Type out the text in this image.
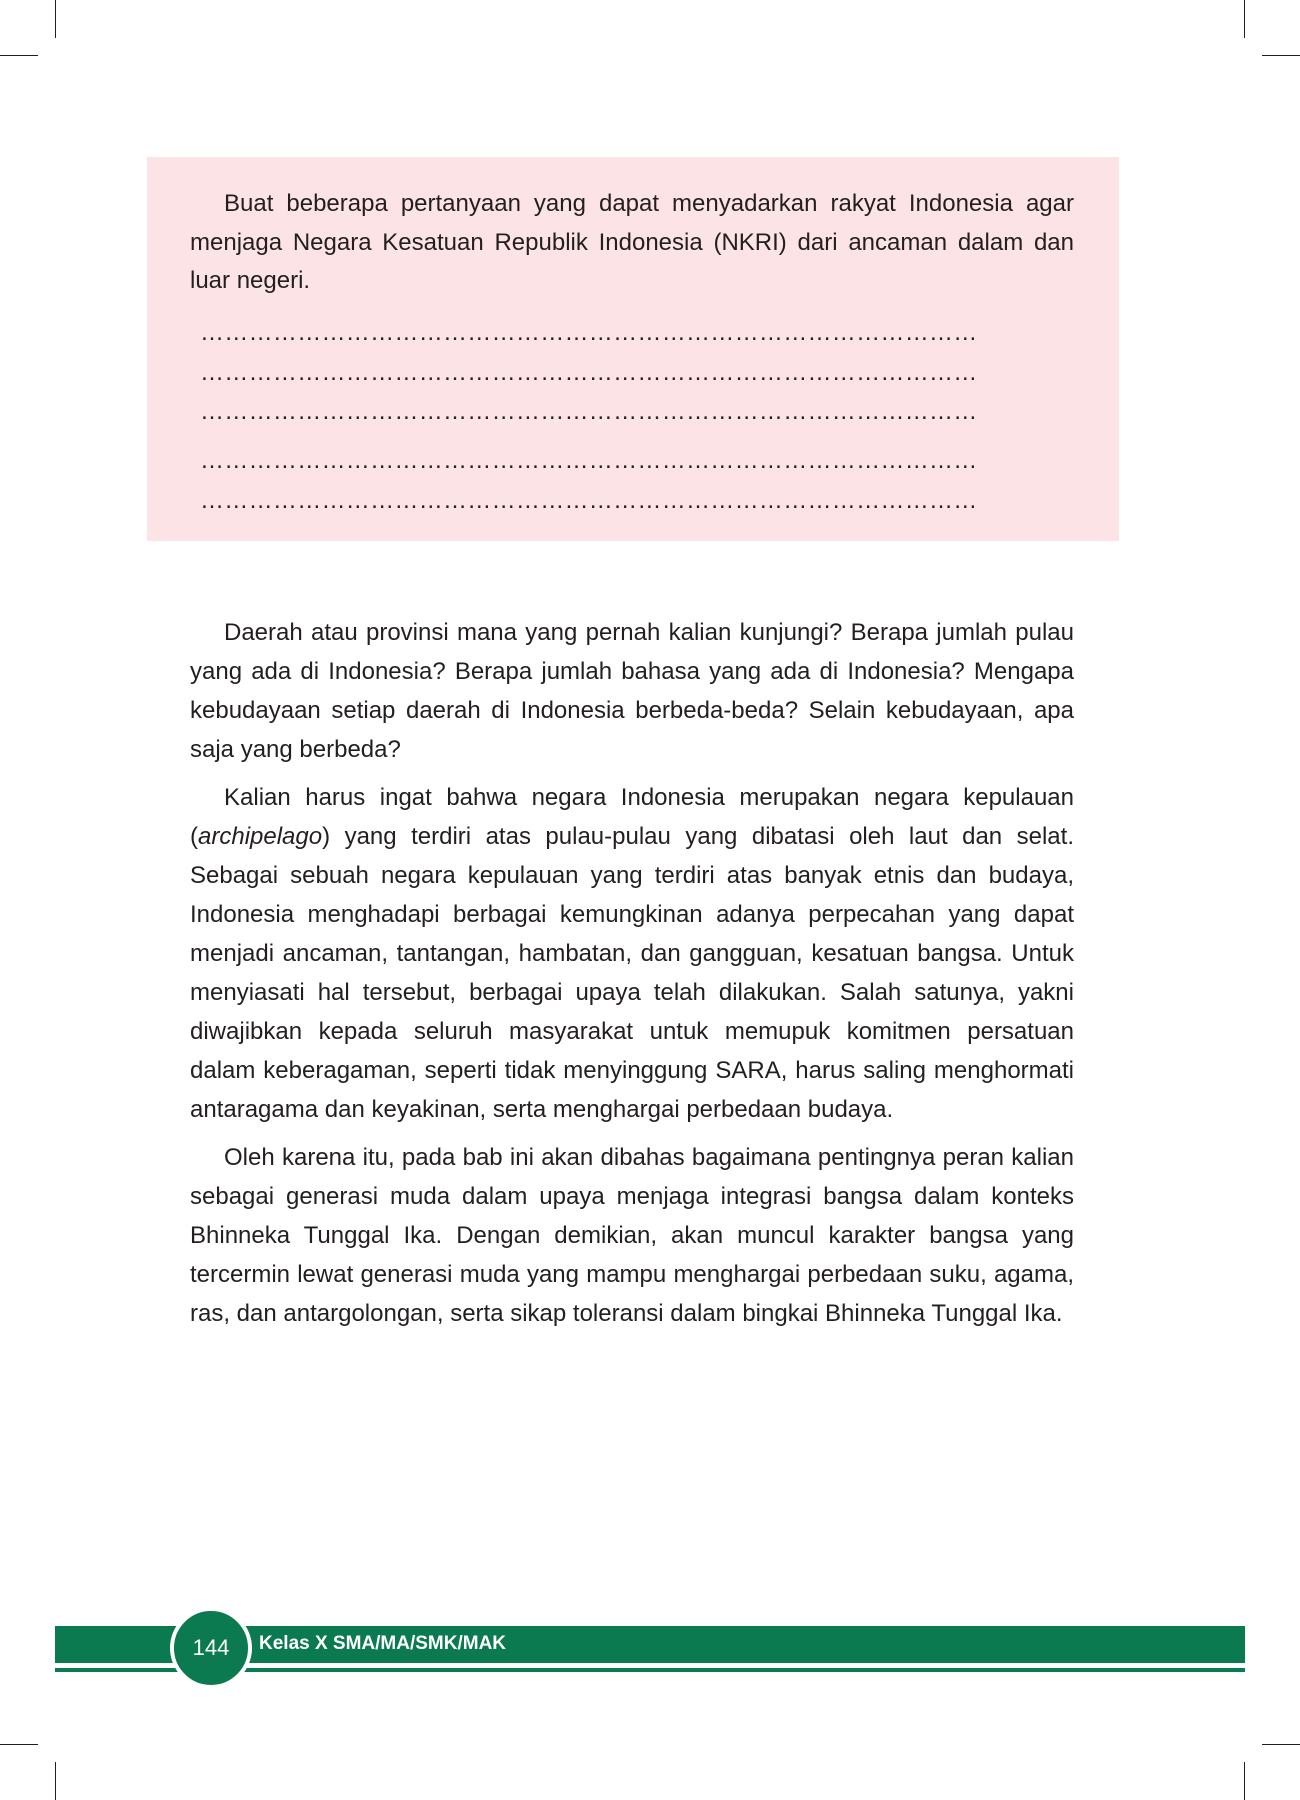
Buat beberapa pertanyaan yang dapat menyadarkan rakyat Indonesia agar menjaga Negara Kesatuan Republik Indonesia (NKRI) dari ancaman dalam dan luar negeri.

……………………………………………………………………………………
……………………………………………………………………………………
……………………………………………………………………………………
……………………………………………………………………………………
……………………………………………………………………………………

Daerah atau provinsi mana yang pernah kalian kunjungi? Berapa jumlah pulau yang ada di Indonesia? Berapa jumlah bahasa yang ada di Indonesia? Mengapa kebudayaan setiap daerah di Indonesia berbeda-beda? Selain kebudayaan, apa saja yang berbeda?

Kalian harus ingat bahwa negara Indonesia merupakan negara kepulauan (archipelago) yang terdiri atas pulau-pulau yang dibatasi oleh laut dan selat. Sebagai sebuah negara kepulauan yang terdiri atas banyak etnis dan budaya, Indonesia menghadapi berbagai kemungkinan adanya perpecahan yang dapat menjadi ancaman, tantangan, hambatan, dan gangguan, kesatuan bangsa. Untuk menyiasati hal tersebut, berbagai upaya telah dilakukan. Salah satunya, yakni diwajibkan kepada seluruh masyarakat untuk memupuk komitmen persatuan dalam keberagaman, seperti tidak menyinggung SARA, harus saling menghormati antaragama dan keyakinan, serta menghargai perbedaan budaya.

Oleh karena itu, pada bab ini akan dibahas bagaimana pentingnya peran kalian sebagai generasi muda dalam upaya menjaga integrasi bangsa dalam konteks Bhinneka Tunggal Ika. Dengan demikian, akan muncul karakter bangsa yang tercermin lewat generasi muda yang mampu menghargai perbedaan suku, agama, ras, dan antargolongan, serta sikap toleransi dalam bingkai Bhinneka Tunggal Ika.

144 Kelas X SMA/MA/SMK/MAK
